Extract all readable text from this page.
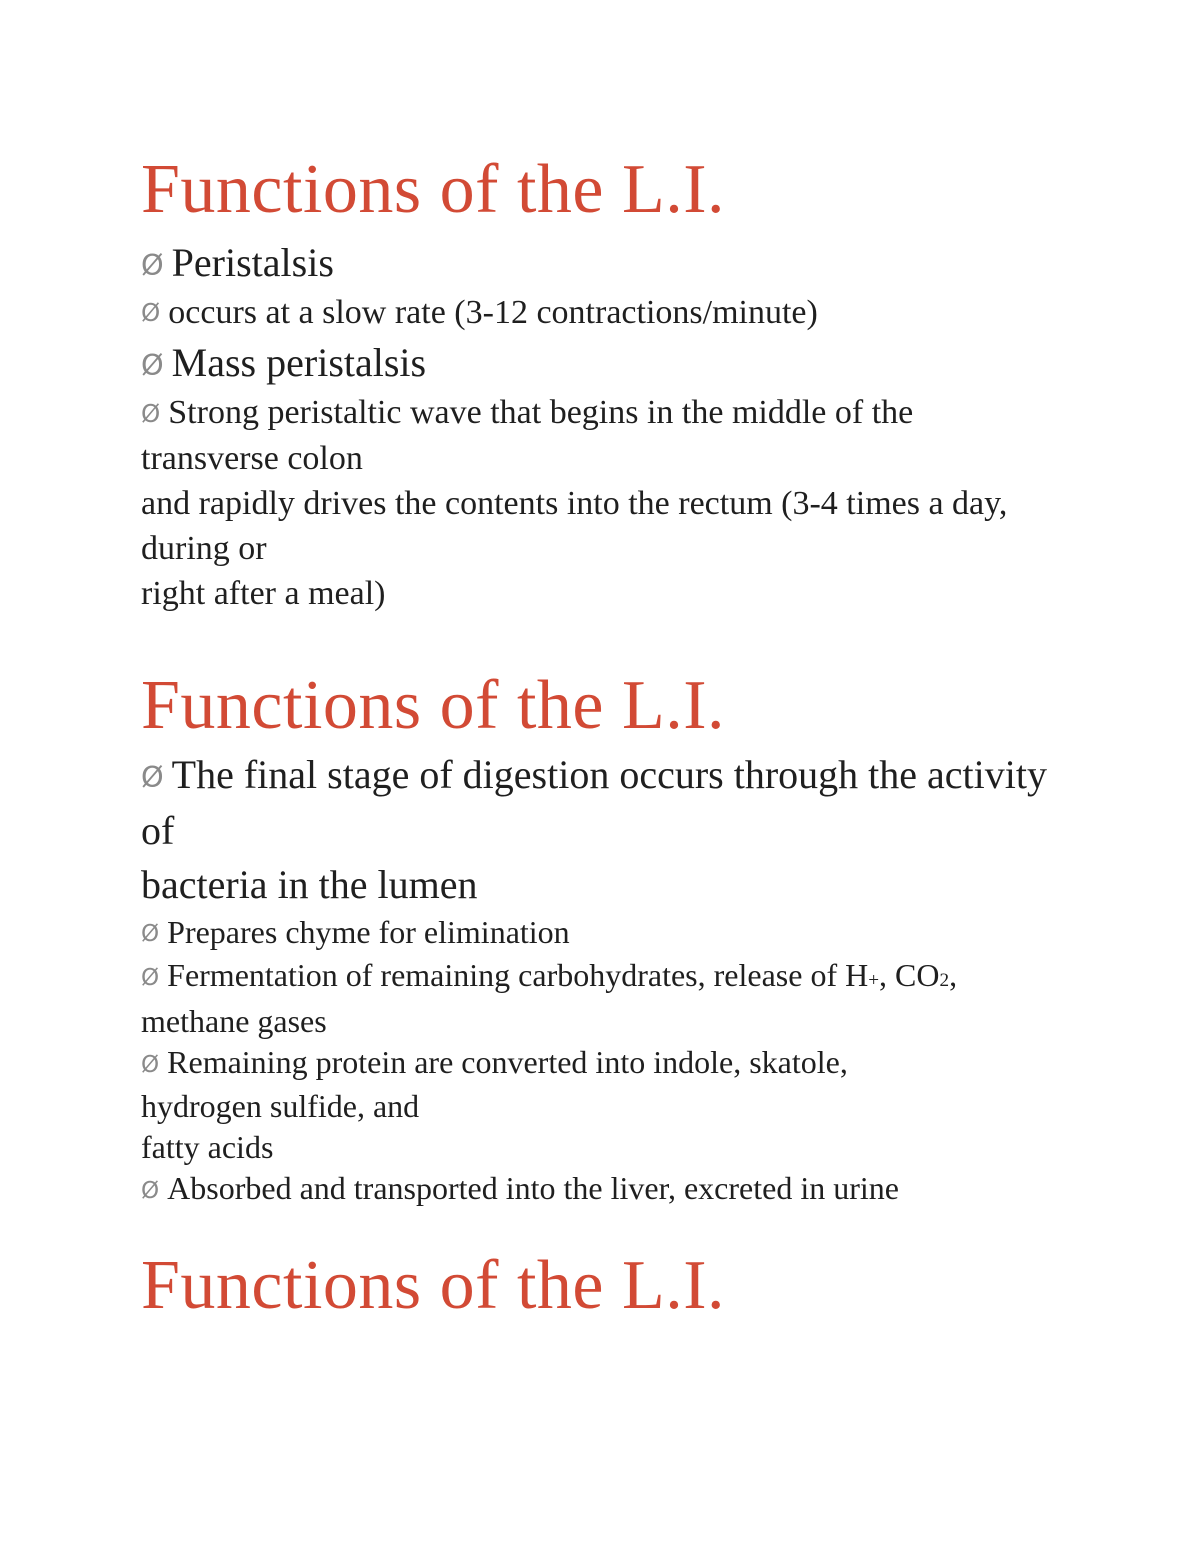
Functions of the L.I.

Ø Peristalsis

Ø occurs at a slow rate (3-12 contractions/minute)

Ø Mass peristalsis

Ø Strong peristaltic wave that begins in the middle of the transverse colon

and rapidly drives the contents into the rectum (3-4 times a day, during or

right after a meal)

Functions of the L.I.

Ø The final stage of digestion occurs through the activity of

bacteria in the lumen

Ø Prepares chyme for elimination

Ø Fermentation of remaining carbohydrates, release of H+, CO2, methane gases

Ø Remaining protein are converted into indole, skatole, hydrogen sulfide, and

fatty acids

Ø Absorbed and transported into the liver, excreted in urine

Functions of the L.I.
